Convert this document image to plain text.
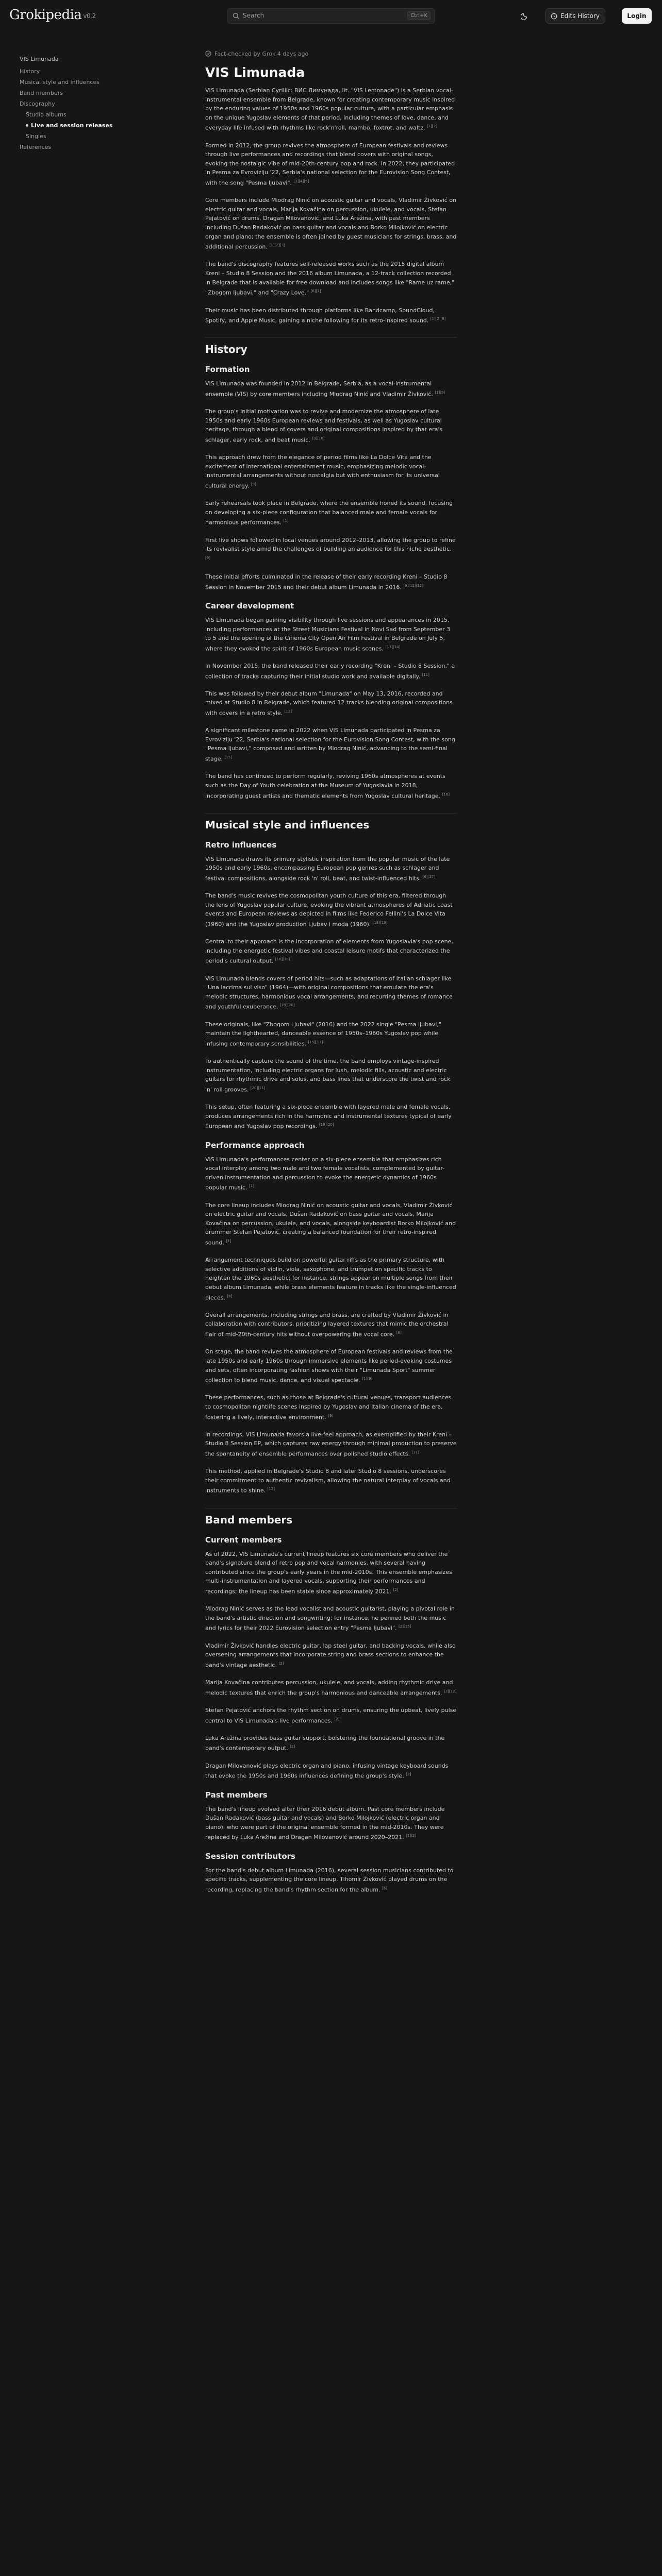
Grokipedia $^{v0.2}$
Search	Ctrl+K	Edits History	Login
VIS Limunada
History
Musical style and influences
Band members
Discography
Studio albums
Live and session releases
Singles
References
Fact-checked by Grok 4 days ago
VIS Limunada

VIS Limunada (Serbian Cyrillic: ВИС Лимунада, lit. "VIS Lemonade") is a Serbian vocal-instrumental ensemble from Belgrade, known for creating contemporary music inspired by the enduring values of 1950s and 1960s popular culture, with a particular emphasis on the unique Yugoslav elements of that period, including themes of love, dance, and everyday life infused with rhythms like rock'n'roll, mambo, foxtrot, and waltz. [1][2]

Formed in 2012, the group revives the atmosphere of European festivals and reviews through live performances and recordings that blend covers with original songs, evoking the nostalgic vibe of mid-20th-century pop and rock. In 2022, they participated in Pesma za Evroviziju '22, Serbia's national selection for the Eurovision Song Contest, with the song "Pesma ljubavi". [3][4][5]

Core members include Miodrag Ninić on acoustic guitar and vocals, Vladimir Živković on electric guitar and vocals, Marija Kovačina on percussion, ukulele, and vocals, Stefan Pejatović on drums, Dragan Milovanović, and Luka Arežina, with past members including Dušan Radaković on bass guitar and vocals and Borko Milojković on electric organ and piano; the ensemble is often joined by guest musicians for strings, brass, and additional percussion. [1][2][3]

The band's discography features self-released works such as the 2015 digital album Kreni – Studio 8 Session and the 2016 album Limunada, a 12-track collection recorded in Belgrade that is available for free download and includes songs like "Rame uz rame," "Zbogom ljubavi," and "Crazy Love." [6][7]

Their music has been distributed through platforms like Bandcamp, SoundCloud, Spotify, and Apple Music, gaining a niche following for its retro-inspired sound. [1][2][8]

History
Formation

VIS Limunada was founded in 2012 in Belgrade, Serbia, as a vocal-instrumental ensemble (VIS) by core members including Miodrag Ninić and Vladimir Živković. [1][9]

The group's initial motivation was to revive and modernize the atmosphere of late 1950s and early 1960s European reviews and festivals, as well as Yugoslav cultural heritage, through a blend of covers and original compositions inspired by that era's schlager, early rock, and beat music. [9][10]

This approach drew from the elegance of period films like La Dolce Vita and the excitement of international entertainment music, emphasizing melodic vocal-instrumental arrangements without nostalgia but with enthusiasm for its universal cultural energy. [9]

Early rehearsals took place in Belgrade, where the ensemble honed its sound, focusing on developing a six-piece configuration that balanced male and female vocals for harmonious performances. [1]

First live shows followed in local venues around 2012–2013, allowing the group to refine its revivalist style amid the challenges of building an audience for this niche aesthetic. [9]

These initial efforts culminated in the release of their early recording Kreni – Studio 8 Session in November 2015 and their debut album Limunada in 2016. [9][11][12]

Career development

VIS Limunada began gaining visibility through live sessions and appearances in 2015, including performances at the Street Musicians Festival in Novi Sad from September 3 to 5 and the opening of the Cinema City Open Air Film Festival in Belgrade on July 5, where they evoked the spirit of 1960s European music scenes. [13][14]

In November 2015, the band released their early recording "Kreni – Studio 8 Session," a collection of tracks capturing their initial studio work and available digitally. [11]

This was followed by their debut album "Limunada" on May 13, 2016, recorded and mixed at Studio 8 in Belgrade, which featured 12 tracks blending original compositions with covers in a retro style. [12]

A significant milestone came in 2022 when VIS Limunada participated in Pesma za Evroviziju '22, Serbia's national selection for the Eurovision Song Contest, with the song "Pesma ljubavi," composed and written by Miodrag Ninić, advancing to the semi-final stage. [15]

The band has continued to perform regularly, reviving 1960s atmospheres at events such as the Day of Youth celebration at the Museum of Yugoslavia in 2018, incorporating guest artists and thematic elements from Yugoslav cultural heritage. [16]

Musical style and influences
Retro influences

VIS Limunada draws its primary stylistic inspiration from the popular music of the late 1950s and early 1960s, encompassing European pop genres such as schlager and festival compositions, alongside rock 'n' roll, beat, and twist-influenced hits. [6][17]

The band's music revives the cosmopolitan youth culture of this era, filtered through the lens of Yugoslav popular culture, evoking the vibrant atmospheres of Adriatic coast events and European reviews as depicted in films like Federico Fellini's La Dolce Vita (1960) and the Yugoslav production Ljubav i moda (1960). [18][19]

Central to their approach is the incorporation of elements from Yugoslavia's pop scene, including the energetic festival vibes and coastal leisure motifs that characterized the period's cultural output. [16][18]

VIS Limunada blends covers of period hits—such as adaptations of Italian schlager like "Una lacrima sul viso" (1964)—with original compositions that emulate the era's melodic structures, harmonious vocal arrangements, and recurring themes of romance and youthful exuberance. [19][20]

These originals, like "Zbogom Ljubavi" (2016) and the 2022 single "Pesma ljubavi," maintain the lighthearted, danceable essence of 1950s–1960s Yugoslav pop while infusing contemporary sensibilities. [15][17]

To authentically capture the sound of the time, the band employs vintage-inspired instrumentation, including electric organs for lush, melodic fills, acoustic and electric guitars for rhythmic drive and solos, and bass lines that underscore the twist and rock 'n' roll grooves. [20][21]

This setup, often featuring a six-piece ensemble with layered male and female vocals, produces arrangements rich in the harmonic and instrumental textures typical of early European and Yugoslav pop recordings. [18][20]

Performance approach

VIS Limunada's performances center on a six-piece ensemble that emphasizes rich vocal interplay among two male and two female vocalists, complemented by guitar-driven instrumentation and percussion to evoke the energetic dynamics of 1960s popular music. [1]

The core lineup includes Miodrag Ninić on acoustic guitar and vocals, Vladimir Živković on electric guitar and vocals, Dušan Radaković on bass guitar and vocals, Marija Kovačina on percussion, ukulele, and vocals, alongside keyboardist Borko Milojković and drummer Stefan Pejatović, creating a balanced foundation for their retro-inspired sound. [1]

Arrangement techniques build on powerful guitar riffs as the primary structure, with selective additions of violin, viola, saxophone, and trumpet on specific tracks to heighten the 1960s aesthetic; for instance, strings appear on multiple songs from their debut album Limunada, while brass elements feature in tracks like the single-influenced pieces. [6]

Overall arrangements, including strings and brass, are crafted by Vladimir Živković in collaboration with contributors, prioritizing layered textures that mimic the orchestral flair of mid-20th-century hits without overpowering the vocal core. [6]

On stage, the band revives the atmosphere of European festivals and reviews from the late 1950s and early 1960s through immersive elements like period-evoking costumes and sets, often incorporating fashion shows with their "Limunada Sport" summer collection to blend music, dance, and visual spectacle. [1][9]

These performances, such as those at Belgrade's cultural venues, transport audiences to cosmopolitan nightlife scenes inspired by Yugoslav and Italian cinema of the era, fostering a lively, interactive environment. [9]

In recordings, VIS Limunada favors a live-feel approach, as exemplified by their Kreni – Studio 8 Session EP, which captures raw energy through minimal production to preserve the spontaneity of ensemble performances over polished studio effects. [11]

This method, applied in Belgrade's Studio 8 and later Studio 8 sessions, underscores their commitment to authentic revivalism, allowing the natural interplay of vocals and instruments to shine. [12]

Band members
Current members

As of 2022, VIS Limunada's current lineup features six core members who deliver the band's signature blend of retro pop and vocal harmonies, with several having contributed since the group's early years in the mid-2010s. This ensemble emphasizes multi-instrumentation and layered vocals, supporting their performances and recordings; the lineup has been stable since approximately 2021. [2]

Miodrag Ninić serves as the lead vocalist and acoustic guitarist, playing a pivotal role in the band's artistic direction and songwriting; for instance, he penned both the music and lyrics for their 2022 Eurovision selection entry "Pesma ljubavi". [2][15]

Vladimir Živković handles electric guitar, lap steel guitar, and backing vocals, while also overseeing arrangements that incorporate string and brass sections to enhance the band's vintage aesthetic. [2]

Marija Kovačina contributes percussion, ukulele, and vocals, adding rhythmic drive and melodic textures that enrich the group's harmonious and danceable arrangements. [2][12]

Stefan Pejatović anchors the rhythm section on drums, ensuring the upbeat, lively pulse central to VIS Limunada's live performances. [2]

Luka Arežina provides bass guitar support, bolstering the foundational groove in the band's contemporary output. [2]

Dragan Milovanović plays electric organ and piano, infusing vintage keyboard sounds that evoke the 1950s and 1960s influences defining the group's style. [2]

Past members

The band's lineup evolved after their 2016 debut album. Past core members include Dušan Radaković (bass guitar and vocals) and Borko Milojković (electric organ and piano), who were part of the original ensemble formed in the mid-2010s. They were replaced by Luka Arežina and Dragan Milovanović around 2020–2021. [1][2]

Session contributors

For the band's debut album Limunada (2016), several session musicians contributed to specific tracks, supplementing the core lineup. Tihomir Živković played drums on the recording, replacing the band's rhythm section for the album. [6]
